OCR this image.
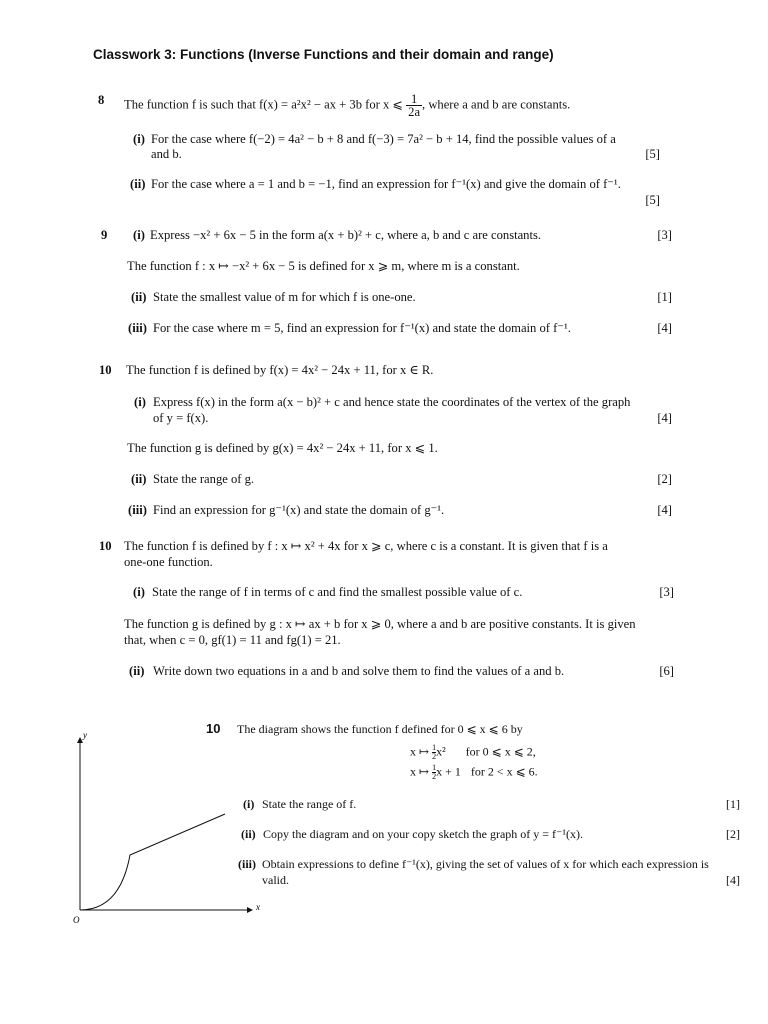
Classwork 3: Functions (Inverse Functions and their domain and range)
8 The function f is such that f(x) = a²x² − ax + 3b for x ⩽ $\frac{1}{2a}$ , where a and b are constants.
(i) For the case where f(−2) = 4a² − b + 8 and f(−3) = 7a² − b + 14, find the possible values of a
and b.	[5]
(ii) For the case where a = 1 and b = −1, find an expression for f⁻¹(x) and give the domain of f⁻¹.
[5]
9 (i) Express −x² + 6x − 5 in the form a(x + b)² + c, where a, b and c are constants.	[3]
The function f : x ↦ −x² + 6x − 5 is defined for x ⩾ m, where m is a constant.
(ii) State the smallest value of m for which f is one-one.	[1]
(iii) For the case where m = 5, find an expression for f⁻¹(x) and state the domain of f⁻¹.	[4]
10 The function f is defined by f(x) = 4x² − 24x + 11, for x ∈ R.
(i) Express f(x) in the form a(x − b)² + c and hence state the coordinates of the vertex of the graph
of y = f(x).	[4]
The function g is defined by g(x) = 4x² − 24x + 11, for x ⩽ 1.
(ii) State the range of g.	[2]
(iii) Find an expression for g⁻¹(x) and state the domain of g⁻¹.	[4]
10 The function f is defined by f : x ↦ x² + 4x for x ⩾ c, where c is a constant. It is given that f is a
one-one function.
(i) State the range of f in terms of c and find the smallest possible value of c.	[3]
The function g is defined by g : x ↦ ax + b for x ⩾ 0, where a and b are positive constants. It is given
that, when c = 0, gf(1) = 11 and fg(1) = 21.
(ii) Write down two equations in a and b and solve them to find the values of a and b.	[6]
10 The diagram shows the function f defined for 0 ⩽ x ⩽ 6 by
x ↦ $\frac{1}{2}x^2$ for 0 ⩽ x ⩽ 2,
x ↦ $\frac{1}{2}x + 1$ for 2 < x ⩽ 6.
(i) State the range of f.	[1]
(ii) Copy the diagram and on your copy sketch the graph of y = f⁻¹(x).	[2]
(iii) Obtain expressions to define f⁻¹(x), giving the set of values of x for which each expression is
valid.	[4]
y
x
O
